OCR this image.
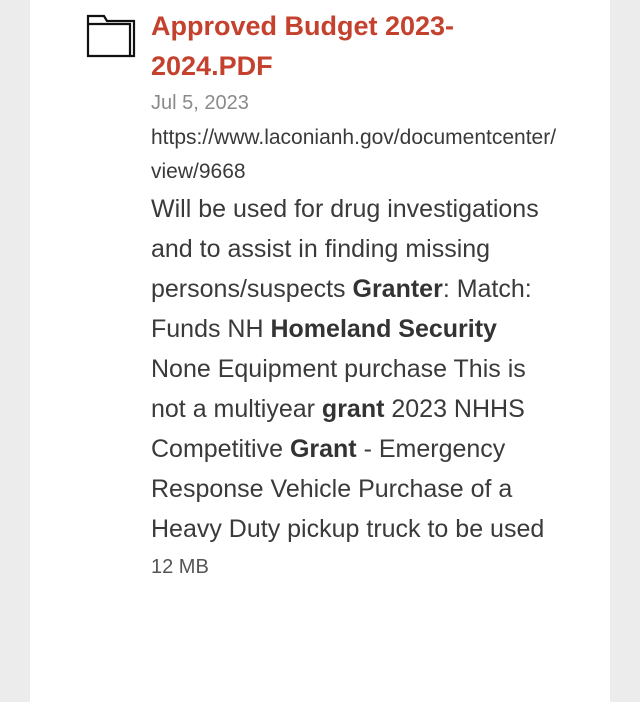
Approved Budget 2023-2024.PDF
Jul 5, 2023
https://www.laconianh.gov/documentcenter/view/9668
Will be used for drug investigations and to assist in finding missing persons/suspects Granter: Match: Funds NH Homeland Security None Equipment purchase This is not a multiyear grant 2023 NHHS Competitive Grant - Emergency Response Vehicle Purchase of a Heavy Duty pickup truck to be used
12 MB
